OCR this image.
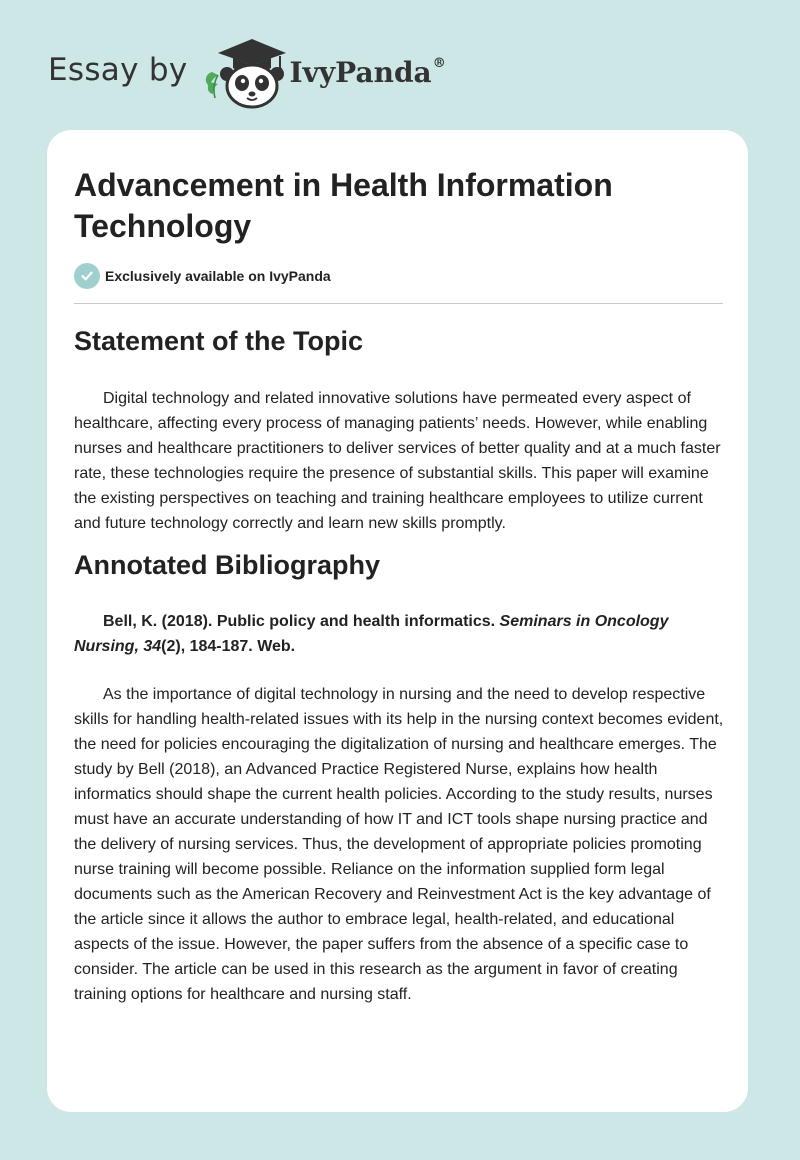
Essay by	IvyPanda®
Advancement in Health Information Technology
Exclusively available on IvyPanda
Statement of the Topic

Digital technology and related innovative solutions have permeated every aspect of healthcare, affecting every process of managing patients’ needs. However, while enabling nurses and healthcare practitioners to deliver services of better quality and at a much faster rate, these technologies require the presence of substantial skills. This paper will examine the existing perspectives on teaching and training healthcare employees to utilize current and future technology correctly and learn new skills promptly.

Annotated Bibliography

Bell, K. (2018). Public policy and health informatics. Seminars in Oncology Nursing, 34(2), 184-187. Web.

As the importance of digital technology in nursing and the need to develop respective skills for handling health-related issues with its help in the nursing context becomes evident, the need for policies encouraging the digitalization of nursing and healthcare emerges. The study by Bell (2018), an Advanced Practice Registered Nurse, explains how health informatics should shape the current health policies. According to the study results, nurses must have an accurate understanding of how IT and ICT tools shape nursing practice and the delivery of nursing services. Thus, the development of appropriate policies promoting nurse training will become possible. Reliance on the information supplied form legal documents such as the American Recovery and Reinvestment Act is the key advantage of the article since it allows the author to embrace legal, health-related, and educational aspects of the issue. However, the paper suffers from the absence of a specific case to consider. The article can be used in this research as the argument in favor of creating training options for healthcare and nursing staff.
